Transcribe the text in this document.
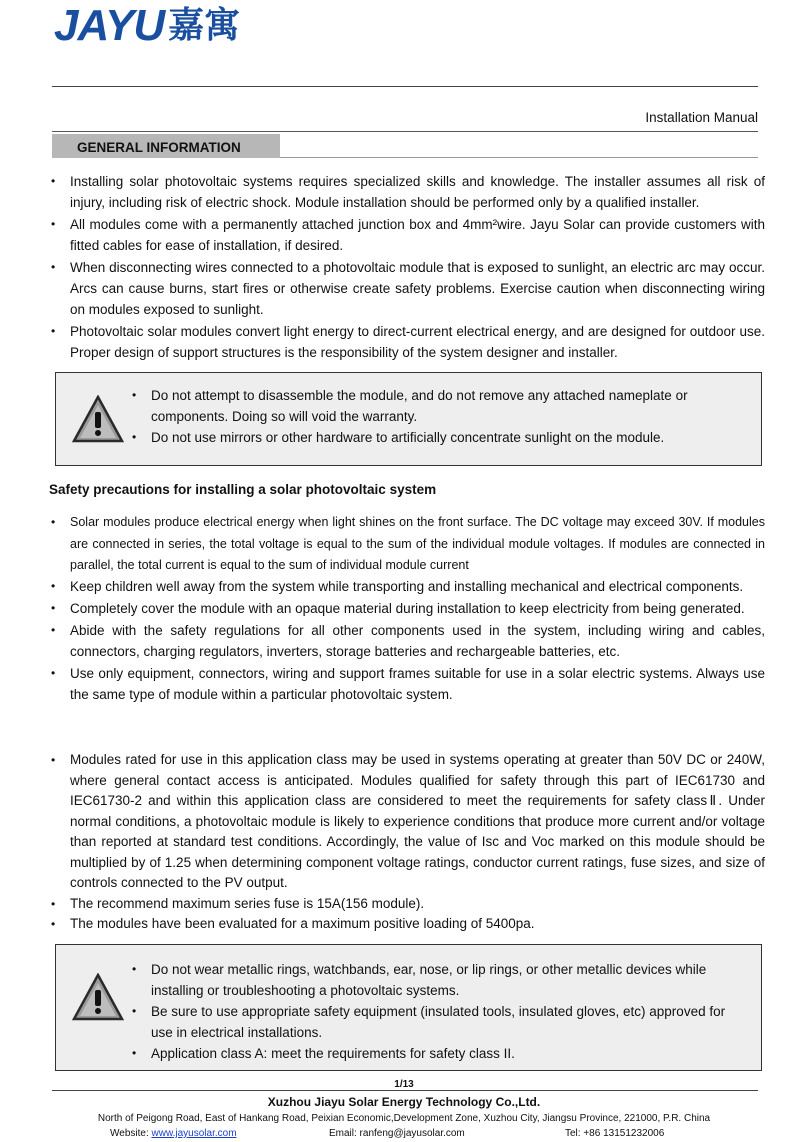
JAYU 嘉寓
Installation Manual
GENERAL INFORMATION
• Installing solar photovoltaic systems requires specialized skills and knowledge. The installer assumes all risk of injury, including risk of electric shock. Module installation should be performed only by a qualified installer.
• All modules come with a permanently attached junction box and 4mm²wire. Jayu Solar can provide customers with fitted cables for ease of installation, if desired.
• When disconnecting wires connected to a photovoltaic module that is exposed to sunlight, an electric arc may occur. Arcs can cause burns, start fires or otherwise create safety problems. Exercise caution when disconnecting wiring on modules exposed to sunlight.
• Photovoltaic solar modules convert light energy to direct-current electrical energy, and are designed for outdoor use. Proper design of support structures is the responsibility of the system designer and installer.
• Do not attempt to disassemble the module, and do not remove any attached nameplate or components. Doing so will void the warranty.
• Do not use mirrors or other hardware to artificially concentrate sunlight on the module.
Safety precautions for installing a solar photovoltaic system
• Solar modules produce electrical energy when light shines on the front surface. The DC voltage may exceed 30V. If modules are connected in series, the total voltage is equal to the sum of the individual module voltages. If modules are connected in parallel, the total current is equal to the sum of individual module current
• Keep children well away from the system while transporting and installing mechanical and electrical components.
• Completely cover the module with an opaque material during installation to keep electricity from being generated.
• Abide with the safety regulations for all other components used in the system, including wiring and cables, connectors, charging regulators, inverters, storage batteries and rechargeable batteries, etc.
• Use only equipment, connectors, wiring and support frames suitable for use in a solar electric systems. Always use the same type of module within a particular photovoltaic system.
• Modules rated for use in this application class may be used in systems operating at greater than 50V DC or 240W, where general contact access is anticipated. Modules qualified for safety through this part of IEC61730 and IEC61730-2 and within this application class are considered to meet the requirements for safety classⅡ. Under normal conditions, a photovoltaic module is likely to experience conditions that produce more current and/or voltage than reported at standard test conditions. Accordingly, the value of Isc and Voc marked on this module should be multiplied by of 1.25 when determining component voltage ratings, conductor current ratings, fuse sizes, and size of controls connected to the PV output.
• The recommend maximum series fuse is 15A(156 module).
• The modules have been evaluated for a maximum positive loading of 5400pa.
• Do not wear metallic rings, watchbands, ear, nose, or lip rings, or other metallic devices while installing or troubleshooting a photovoltaic systems.
• Be sure to use appropriate safety equipment (insulated tools, insulated gloves, etc) approved for use in electrical installations.
• Application class A: meet the requirements for safety class II.
1/13
Xuzhou Jiayu Solar Energy Technology Co.,Ltd.
North of Peigong Road, East of Hankang Road, Peixian Economic,Development Zone, Xuzhou City, Jiangsu Province, 221000, P.R. China
Website: www.jayusolar.com	Email: ranfeng@jayusolar.com	Tel: +86 13151232006
